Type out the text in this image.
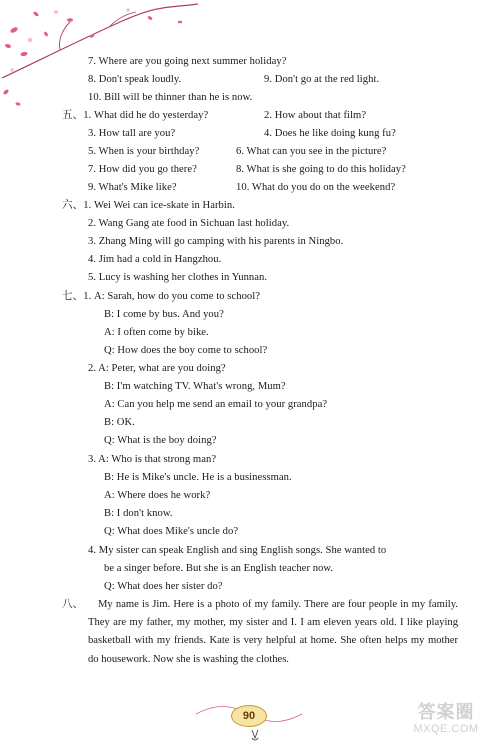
7. Where are you going next summer holiday?
8. Don't speak loudly.	9. Don't go at the red light.
10. Bill will be thinner than he is now.
五、1. What did he do yesterday?	2. How about that film?
3. How tall are you?	4. Does he like doing kung fu?
5. When is your birthday?	6. What can you see in the picture?
7. How did you go there?	8. What is she going to do this holiday?
9. What's Mike like?	10. What do you do on the weekend?
六、1. Wei Wei can ice-skate in Harbin.
2. Wang Gang ate food in Sichuan last holiday.
3. Zhang Ming will go camping with his parents in Ningbo.
4. Jim had a cold in Hangzhou.
5. Lucy is washing her clothes in Yunnan.
七、1. A: Sarah, how do you come to school?
B: I come by bus. And you?
A: I often come by bike.
Q: How does the boy come to school?
2. A: Peter, what are you doing?
B: I'm watching TV. What's wrong, Mum?
A: Can you help me send an email to your grandpa?
B: OK.
Q: What is the boy doing?
3. A: Who is that strong man?
B: He is Mike's uncle. He is a businessman.
A: Where does he work?
B: I don't know.
Q: What does Mike's uncle do?
4. My sister can speak English and sing English songs. She wanted to
be a singer before. But she is an English teacher now.
Q: What does her sister do?
八、	My name is Jim. Here is a photo of my family. There are four people in my family. They are my father, my mother, my sister and I. I am eleven years old. I like playing basketball with my friends. Kate is very helpful at home. She often helps my mother do housework. Now she is washing the clothes.
90	答案圈
MXQE.COM
